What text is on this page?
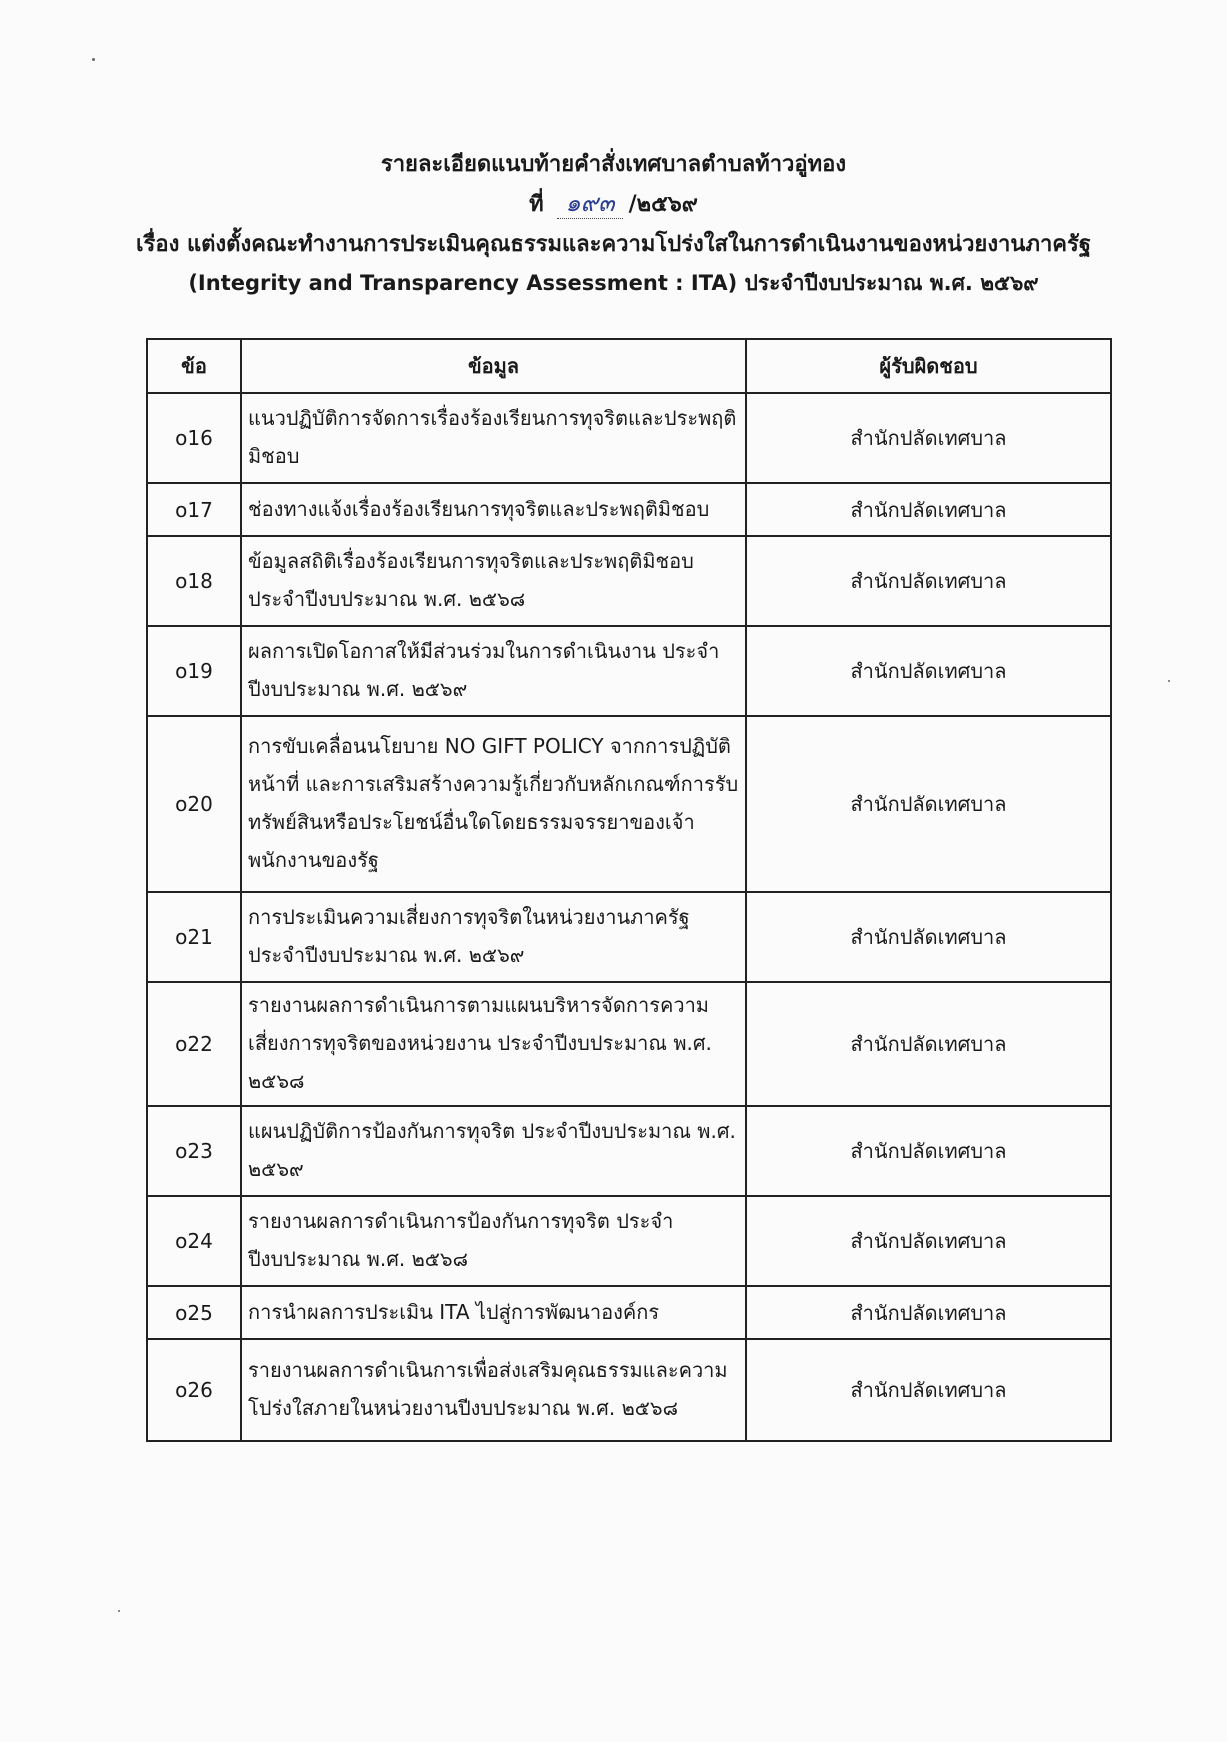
รายละเอียดแนบท้ายคำสั่งเทศบาลตำบลท้าวอู่ทอง
ที่ ๑๙๓ /๒๕๖๙
เรื่อง แต่งตั้งคณะทำงานการประเมินคุณธรรมและความโปร่งใสในการดำเนินงานของหน่วยงานภาครัฐ
(Integrity and Transparency Assessment : ITA) ประจำปีงบประมาณ พ.ศ. ๒๕๖๙
ข้อ	ข้อมูล	ผู้รับผิดชอบ
o16	แนวปฏิบัติการจัดการเรื่องร้องเรียนการทุจริตและประพฤติมิชอบ	สำนักปลัดเทศบาล
o17	ช่องทางแจ้งเรื่องร้องเรียนการทุจริตและประพฤติมิชอบ	สำนักปลัดเทศบาล
o18	ข้อมูลสถิติเรื่องร้องเรียนการทุจริตและประพฤติมิชอบ ประจำปีงบประมาณ พ.ศ. ๒๕๖๘	สำนักปลัดเทศบาล
o19	ผลการเปิดโอกาสให้มีส่วนร่วมในการดำเนินงาน ประจำปีงบประมาณ พ.ศ. ๒๕๖๙	สำนักปลัดเทศบาล
o20	การขับเคลื่อนนโยบาย NO GIFT POLICY จากการปฏิบัติหน้าที่ และการเสริมสร้างความรู้เกี่ยวกับหลักเกณฑ์การรับทรัพย์สินหรือประโยชน์อื่นใดโดยธรรมจรรยาของเจ้าพนักงานของรัฐ	สำนักปลัดเทศบาล
o21	การประเมินความเสี่ยงการทุจริตในหน่วยงานภาครัฐ ประจำปีงบประมาณ พ.ศ. ๒๕๖๙	สำนักปลัดเทศบาล
o22	รายงานผลการดำเนินการตามแผนบริหารจัดการความเสี่ยงการทุจริตของหน่วยงาน ประจำปีงบประมาณ พ.ศ. ๒๕๖๘	สำนักปลัดเทศบาล
o23	แผนปฏิบัติการป้องกันการทุจริต ประจำปีงบประมาณ พ.ศ. ๒๕๖๙	สำนักปลัดเทศบาล
o24	รายงานผลการดำเนินการป้องกันการทุจริต ประจำปีงบประมาณ พ.ศ. ๒๕๖๘	สำนักปลัดเทศบาล
o25	การนำผลการประเมิน ITA ไปสู่การพัฒนาองค์กร	สำนักปลัดเทศบาล
o26	รายงานผลการดำเนินการเพื่อส่งเสริมคุณธรรมและความโปร่งใสภายในหน่วยงานปีงบประมาณ พ.ศ. ๒๕๖๘	สำนักปลัดเทศบาล
